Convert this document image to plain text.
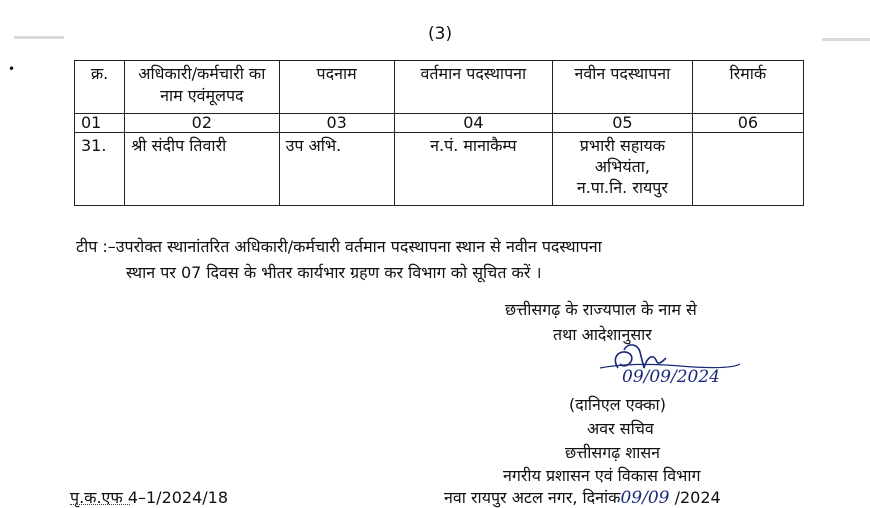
•
(3)
क्र.	अधिकारी/कर्मचारी का नाम एवंमूलपद	पदनाम	वर्तमान पदस्थापना	नवीन पदस्थापना	रिमार्क
01	02	03	04	05	06
31.	श्री संदीप तिवारी	उप अभि.	न.पं. मानाकैम्प	प्रभारी सहायक
अभियंता,
न.पा.नि. रायपुर	

टीप :–उपरोक्त स्थानांतरित अधिकारी/कर्मचारी वर्तमान पदस्थापना स्थान से नवीन पदस्थापना
स्थान पर 07 दिवस के भीतर कार्यभार ग्रहण कर विभाग को सूचित करें ।
छत्तीसगढ़ के राज्यपाल के नाम से
तथा आदेशानुसार
09/09/2024
(दानिएल एक्का)
अवर सचिव
छत्तीसगढ़ शासन
नगरीय प्रशासन एवं विकास विभाग
पृ.क.एफ 4–1/2024/18	नवा रायपुर अटल नगर, दिनांक09/09 /2024
